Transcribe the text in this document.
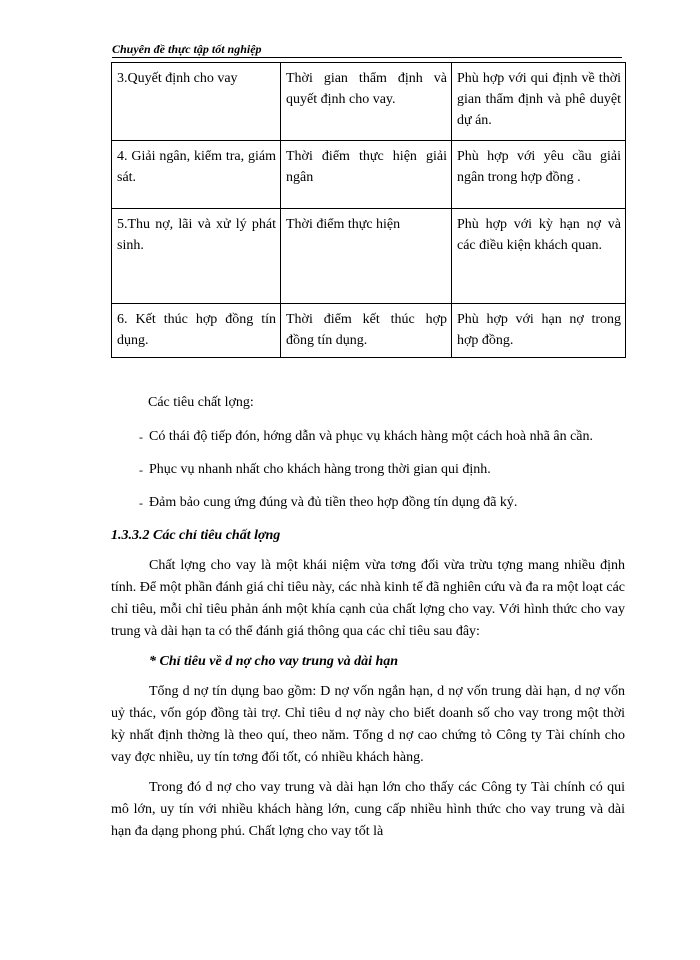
Chuyên đề thực tập tốt nghiệp
3.Quyết định cho vay	Thời gian thẩm định và quyết định cho vay.	Phù hợp với qui định về thời gian thẩm định và phê duyệt dự án.
4. Giải ngân, kiểm tra, giám sát.	Thời điểm thực hiện giải ngân	Phù hợp với yêu cầu giải ngân trong hợp đồng .
5.Thu nợ, lãi và xử lý phát sinh.	Thời điểm thực hiện	Phù hợp với kỳ hạn nợ và các điều kiện khách quan.
6. Kết thúc hợp đồng tín dụng.	Thời điểm kết thúc hợp đồng tín dụng.	Phù hợp với hạn nợ trong hợp đồng.
Các tiêu chất lợng:
- Có thái độ tiếp đón, hớng dẫn và phục vụ khách hàng một cách hoà nhã ân cần.
- Phục vụ nhanh nhất cho khách hàng trong thời gian qui định.
- Đảm bảo cung ứng đúng và đủ tiền theo hợp đồng tín dụng đã ký.
1.3.3.2 Các chỉ tiêu chất lợng
Chất lợng cho vay là một khái niệm vừa tơng đối vừa trừu tợng mang nhiều định tính. Để một phần đánh giá chỉ tiêu này, các nhà kinh tế đã nghiên cứu và đa ra một loạt các chỉ tiêu, mỗi chỉ tiêu phản ánh một khía cạnh của chất lợng cho vay. Với hình thức cho vay trung và dài hạn ta có thể đánh giá thông qua các chỉ tiêu sau đây:
* Chỉ tiêu về d nợ cho vay trung và dài hạn
Tổng d nợ tín dụng bao gồm: D nợ vốn ngắn hạn, d nợ vốn trung dài hạn, d nợ vốn uỷ thác, vốn góp đồng tài trợ. Chỉ tiêu d nợ này cho biết doanh số cho vay trong một thời kỳ nhất định thờng là theo quí, theo năm. Tổng d nợ cao chứng tỏ Công ty Tài chính cho vay đợc nhiều, uy tín tơng đối tốt, có nhiều khách hàng.
Trong đó d nợ cho vay trung và dài hạn lớn cho thấy các Công ty Tài chính có qui mô lớn, uy tín với nhiều khách hàng lớn, cung cấp nhiều hình thức cho vay trung và dài hạn đa dạng phong phú. Chất lợng cho vay tốt là
